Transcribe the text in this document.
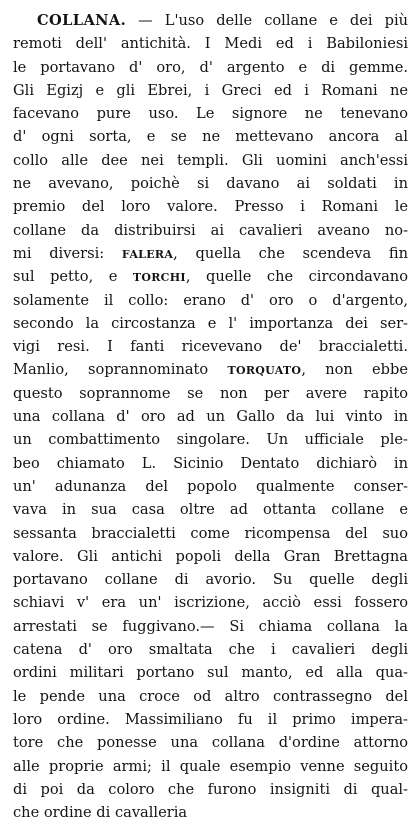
COLLANA. — L'uso delle collane e dei più
remoti dell' antichità. I Medi ed i Babiloniesi
le portavano d' oro, d' argento e di gemme.
Gli Egizj e gli Ebrei, i Greci ed i Romani ne
facevano pure uso. Le signore ne tenevano
d' ogni sorta, e se ne mettevano ancora al
collo alle dee nei templi. Gli uomini anch'essi
ne avevano, poichè si davano ai soldati in
premio del loro valore. Presso i Romani le
collane da distribuirsi ai cavalieri aveano no-
mi diversi: FALERA, quella che scendeva fin
sul petto, e TORCHI, quelle che circondavano
solamente il collo: erano d' oro o d'argento,
secondo la circostanza e l' importanza dei ser-
vigi resi. I fanti ricevevano de' braccialetti.
Manlio, soprannominato TORQUATO, non ebbe
questo soprannome se non per avere rapito
una collana d' oro ad un Gallo da lui vinto in
un combattimento singolare. Un ufficiale ple-
beo chiamato L. Sicinio Dentato dichiarò in
un' adunanza del popolo qualmente conser-
vava in sua casa oltre ad ottanta collane e
sessanta braccialetti come ricompensa del suo
valore. Gli antichi popoli della Gran Brettagna
portavano collane di avorio. Su quelle degli
schiavi v' era un' iscrizione, acciò essi fossero
arrestati se fuggivano.— Si chiama collana la
catena d' oro smaltata che i cavalieri degli
ordini militari portano sul manto, ed alla qua-
le pende una croce od altro contrassegno del
loro ordine. Massimiliano fu il primo impera-
tore che ponesse una collana d'ordine attorno
alle proprie armi; il quale esempio venne seguito
di poi da coloro che furono insigniti di qual-
che ordine di cavalleria
